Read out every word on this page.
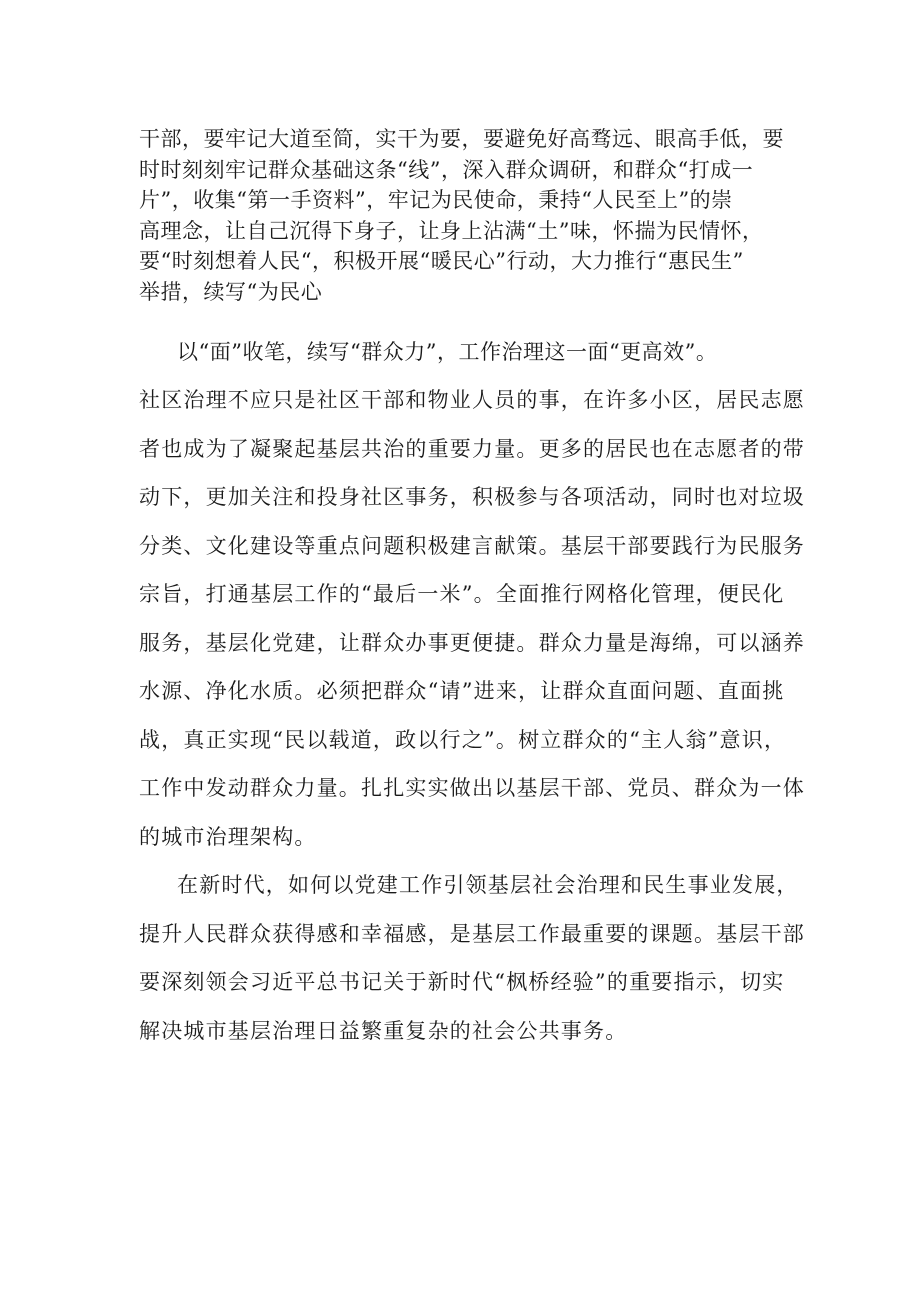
干部，要牢记大道至简，实干为要，要避免好高骛远、眼高手低，要
时时刻刻牢记群众基础这条“线”，深入群众调研，和群众“打成一
片”，收集“第一手资料”，牢记为民使命，秉持“人民至上”的崇
高理念，让自己沉得下身子，让身上沾满“土”味，怀揣为民情怀，
要“时刻想着人民“，积极开展“暖民心”行动，大力推行“惠民生”
举措，续写“为民心
以“面”收笔，续写“群众力”，工作治理这一面“更高效”。
社区治理不应只是社区干部和物业人员的事，在许多小区，居民志愿
者也成为了凝聚起基层共治的重要力量。更多的居民也在志愿者的带
动下，更加关注和投身社区事务，积极参与各项活动，同时也对垃圾
分类、文化建设等重点问题积极建言献策。基层干部要践行为民服务
宗旨，打通基层工作的“最后一米”。全面推行网格化管理，便民化
服务，基层化党建，让群众办事更便捷。群众力量是海绵，可以涵养
水源、净化水质。必须把群众“请”进来，让群众直面问题、直面挑
战，真正实现“民以载道，政以行之”。树立群众的“主人翁”意识，
工作中发动群众力量。扎扎实实做出以基层干部、党员、群众为一体
的城市治理架构。
在新时代，如何以党建工作引领基层社会治理和民生事业发展，
提升人民群众获得感和幸福感，是基层工作最重要的课题。基层干部
要深刻领会习近平总书记关于新时代“枫桥经验”的重要指示，切实
解决城市基层治理日益繁重复杂的社会公共事务。
